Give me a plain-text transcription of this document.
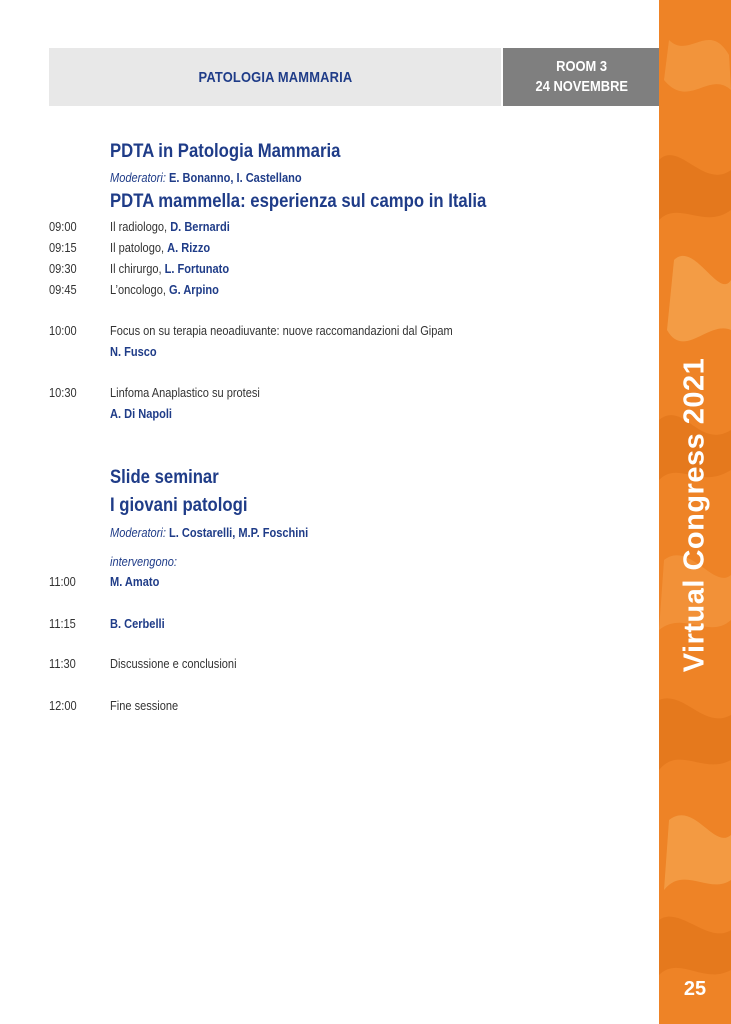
PATOLOGIA MAMMARIA
ROOM 3
24 NOVEMBRE
Virtual Congress 2021
25
PDTA in Patologia Mammaria
Moderatori: E. Bonanno, I. Castellano
PDTA mammella: esperienza sul campo in Italia
09:00	Il radiologo, D. Bernardi
09:15	Il patologo, A. Rizzo
09:30	Il chirurgo, L. Fortunato
09:45	L’oncologo, G. Arpino
10:00	Focus on su terapia neoadiuvante: nuove raccomandazioni dal Gipam
N. Fusco
10:30	Linfoma Anaplastico su protesi
A. Di Napoli
Slide seminar
I giovani patologi
Moderatori: L. Costarelli, M.P. Foschini
intervengono:
11:00	M. Amato
11:15	B. Cerbelli
11:30	Discussione e conclusioni
12:00	Fine sessione
